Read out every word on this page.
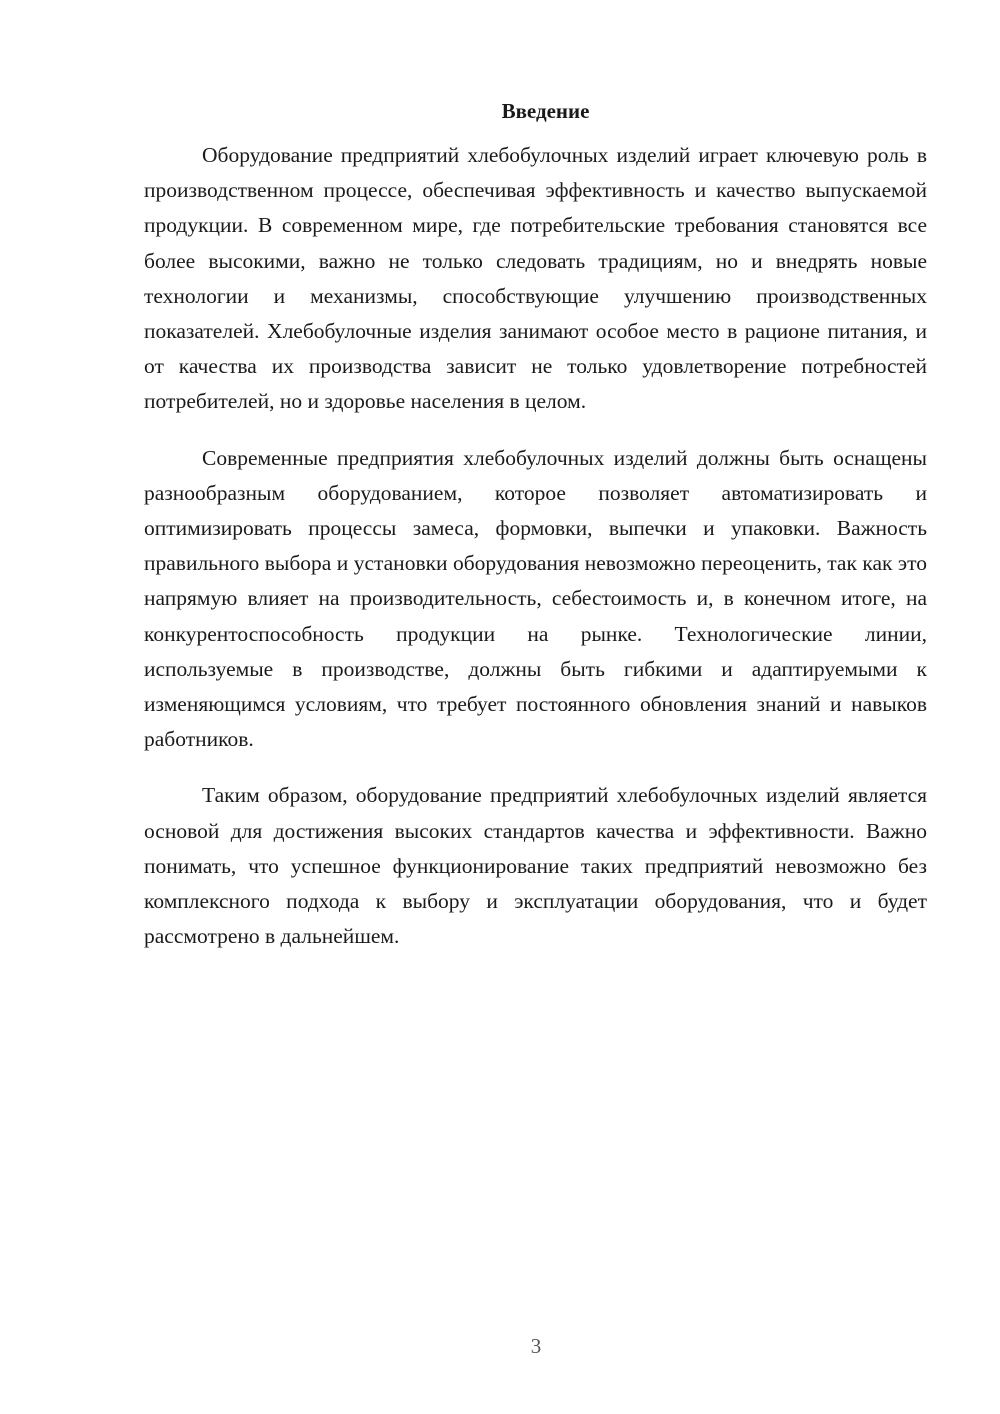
Введение

Оборудование предприятий хлебобулочных изделий играет ключевую роль в производственном процессе, обеспечивая эффективность и качество выпускаемой продукции. В современном мире, где потребительские требования становятся все более высокими, важно не только следовать традициям, но и внедрять новые технологии и механизмы, способствующие улучшению производственных показателей. Хлебобулочные изделия занимают особое место в рационе питания, и от качества их производства зависит не только удовлетворение потребностей потребителей, но и здоровье населения в целом.

Современные предприятия хлебобулочных изделий должны быть оснащены разнообразным оборудованием, которое позволяет автоматизировать и оптимизировать процессы замеса, формовки, выпечки и упаковки. Важность правильного выбора и установки оборудования невозможно переоценить, так как это напрямую влияет на производительность, себестоимость и, в конечном итоге, на конкурентоспособность продукции на рынке. Технологические линии, используемые в производстве, должны быть гибкими и адаптируемыми к изменяющимся условиям, что требует постоянного обновления знаний и навыков работников.

Таким образом, оборудование предприятий хлебобулочных изделий является основой для достижения высоких стандартов качества и эффективности. Важно понимать, что успешное функционирование таких предприятий невозможно без комплексного подхода к выбору и эксплуатации оборудования, что и будет рассмотрено в дальнейшем.

3
